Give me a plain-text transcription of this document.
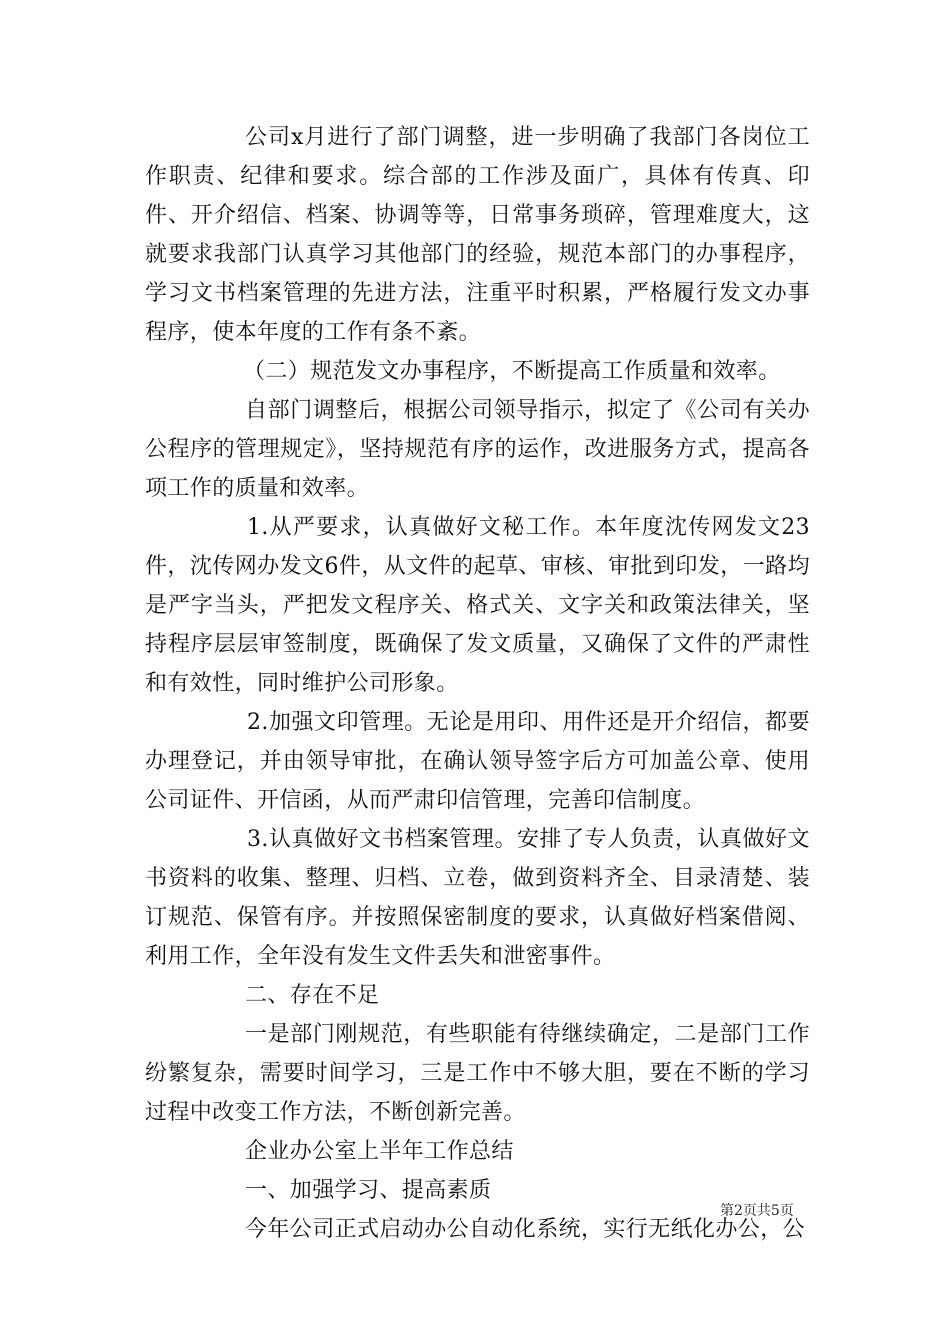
公司x月进行了部门调整，进一步明确了我部门各岗位工作职责、纪律和要求。综合部的工作涉及面广，具体有传真、印件、开介绍信、档案、协调等等，日常事务琐碎，管理难度大，这就要求我部门认真学习其他部门的经验，规范本部门的办事程序，学习文书档案管理的先进方法，注重平时积累，严格履行发文办事程序，使本年度的工作有条不紊。

（二）规范发文办事程序，不断提高工作质量和效率。

自部门调整后，根据公司领导指示，拟定了《公司有关办公程序的管理规定》，坚持规范有序的运作，改进服务方式，提高各项工作的质量和效率。

1.从严要求，认真做好文秘工作。本年度沈传网发文23件，沈传网办发文6件，从文件的起草、审核、审批到印发，一路均是严字当头，严把发文程序关、格式关、文字关和政策法律关，坚持程序层层审签制度，既确保了发文质量，又确保了文件的严肃性和有效性，同时维护公司形象。

2.加强文印管理。无论是用印、用件还是开介绍信，都要办理登记，并由领导审批，在确认领导签字后方可加盖公章、使用公司证件、开信函，从而严肃印信管理，完善印信制度。

3.认真做好文书档案管理。安排了专人负责，认真做好文书资料的收集、整理、归档、立卷，做到资料齐全、目录清楚、装订规范、保管有序。并按照保密制度的要求，认真做好档案借阅、利用工作，全年没有发生文件丢失和泄密事件。

二、存在不足

一是部门刚规范，有些职能有待继续确定，二是部门工作纷繁复杂，需要时间学习，三是工作中不够大胆，要在不断的学习过程中改变工作方法，不断创新完善。

企业办公室上半年工作总结

一、加强学习、提高素质

今年公司正式启动办公自动化系统，实行无纸化办公，公

第2页共5页
